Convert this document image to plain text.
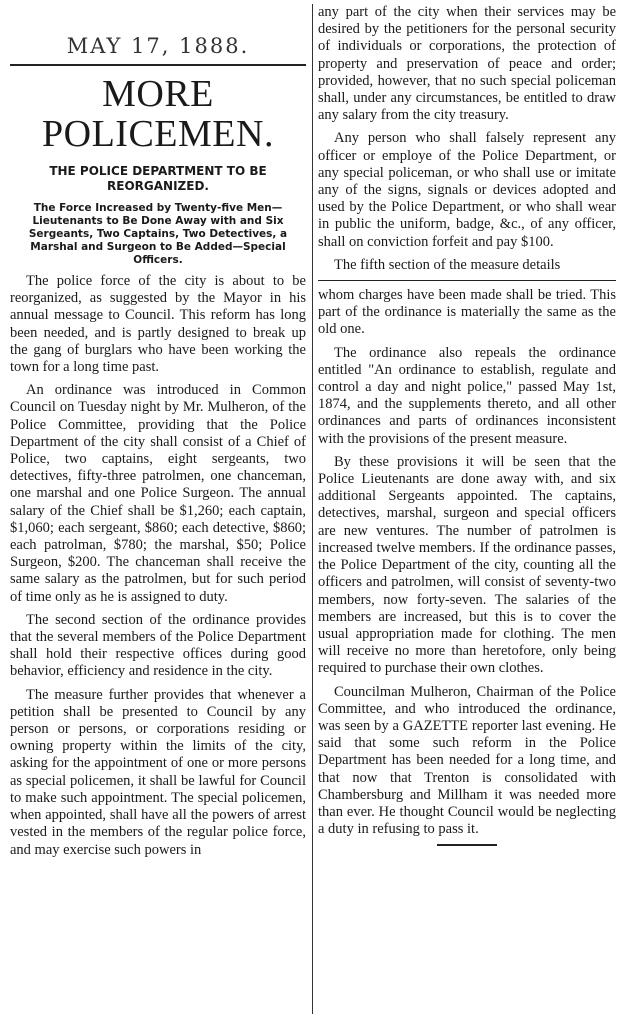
MAY 17, 1888.
MORE POLICEMEN.
THE POLICE DEPARTMENT TO BE REORGANIZED.
The Force Increased by Twenty-five Men—Lieutenants to Be Done Away with and Six Sergeants, Two Captains, Two Detectives, a Marshal and Surgeon to Be Added—Special Officers.

The police force of the city is about to be reorganized, as suggested by the Mayor in his annual message to Council. This reform has long been needed, and is partly designed to break up the gang of burglars who have been working the town for a long time past.

An ordinance was introduced in Common Council on Tuesday night by Mr. Mulheron, of the Police Committee, providing that the Police Department of the city shall consist of a Chief of Police, two captains, eight sergeants, two detectives, fifty-three patrolmen, one chanceman, one marshal and one Police Surgeon. The annual salary of the Chief shall be $1,260; each captain, $1,060; each sergeant, $860; each detective, $860; each patrolman, $780; the marshal, $50; Police Surgeon, $200. The chanceman shall receive the same salary as the patrolmen, but for such period of time only as he is assigned to duty.

The second section of the ordinance provides that the several members of the Police Department shall hold their respective offices during good behavior, efficiency and residence in the city.

The measure further provides that whenever a petition shall be presented to Council by any person or persons, or corporations residing or owning property within the limits of the city, asking for the appointment of one or more persons as special policemen, it shall be lawful for Council to make such appointment. The special policemen, when appointed, shall have all the powers of arrest vested in the members of the regular police force, and may exercise such powers in

any part of the city when their services may be desired by the petitioners for the personal security of individuals or corporations, the protection of property and preservation of peace and order; provided, however, that no such special policeman shall, under any circumstances, be entitled to draw any salary from the city treasury.

Any person who shall falsely represent any officer or employe of the Police Department, or any special policeman, or who shall use or imitate any of the signs, signals or devices adopted and used by the Police Department, or who shall wear in public the uniform, badge, &c., of any officer, shall on conviction forfeit and pay $100.

The fifth section of the measure details

whom charges have been made shall be tried. This part of the ordinance is materially the same as the old one.

The ordinance also repeals the ordinance entitled "An ordinance to establish, regulate and control a day and night police," passed May 1st, 1874, and the supplements thereto, and all other ordinances and parts of ordinances inconsistent with the provisions of the present measure.

By these provisions it will be seen that the Police Lieutenants are done away with, and six additional Sergeants appointed. The captains, detectives, marshal, surgeon and special officers are new ventures. The number of patrolmen is increased twelve members. If the ordinance passes, the Police Department of the city, counting all the officers and patrolmen, will consist of seventy-two members, now forty-seven. The salaries of the members are increased, but this is to cover the usual appropriation made for clothing. The men will receive no more than heretofore, only being required to purchase their own clothes.

Councilman Mulheron, Chairman of the Police Committee, and who introduced the ordinance, was seen by a GAZETTE reporter last evening. He said that some such reform in the Police Department has been needed for a long time, and that now that Trenton is consolidated with Chambersburg and Millham it was needed more than ever. He thought Council would be neglecting a duty in refusing to pass it.
